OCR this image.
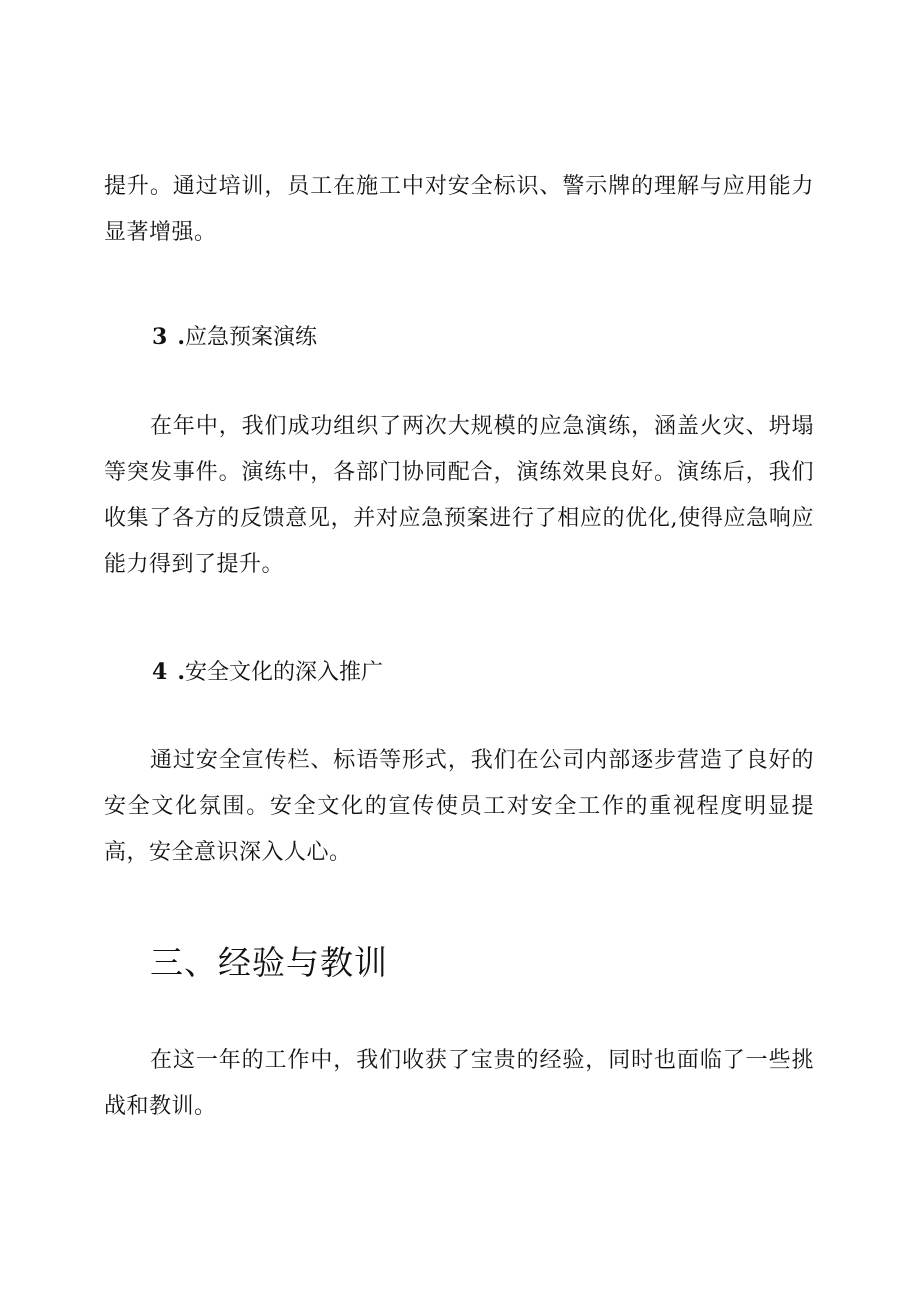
提升。通过培训，员工在施工中对安全标识、警示牌的理解与应用能力显著增强。

3 .应急预案演练

在年中，我们成功组织了两次大规模的应急演练，涵盖火灾、坍塌等突发事件。演练中，各部门协同配合，演练效果良好。演练后，我们收集了各方的反馈意见，并对应急预案进行了相应的优化,使得应急响应能力得到了提升。

4 .安全文化的深入推广

通过安全宣传栏、标语等形式，我们在公司内部逐步营造了良好的安全文化氛围。安全文化的宣传使员工对安全工作的重视程度明显提高，安全意识深入人心。

三、经验与教训

在这一年的工作中，我们收获了宝贵的经验，同时也面临了一些挑战和教训。
